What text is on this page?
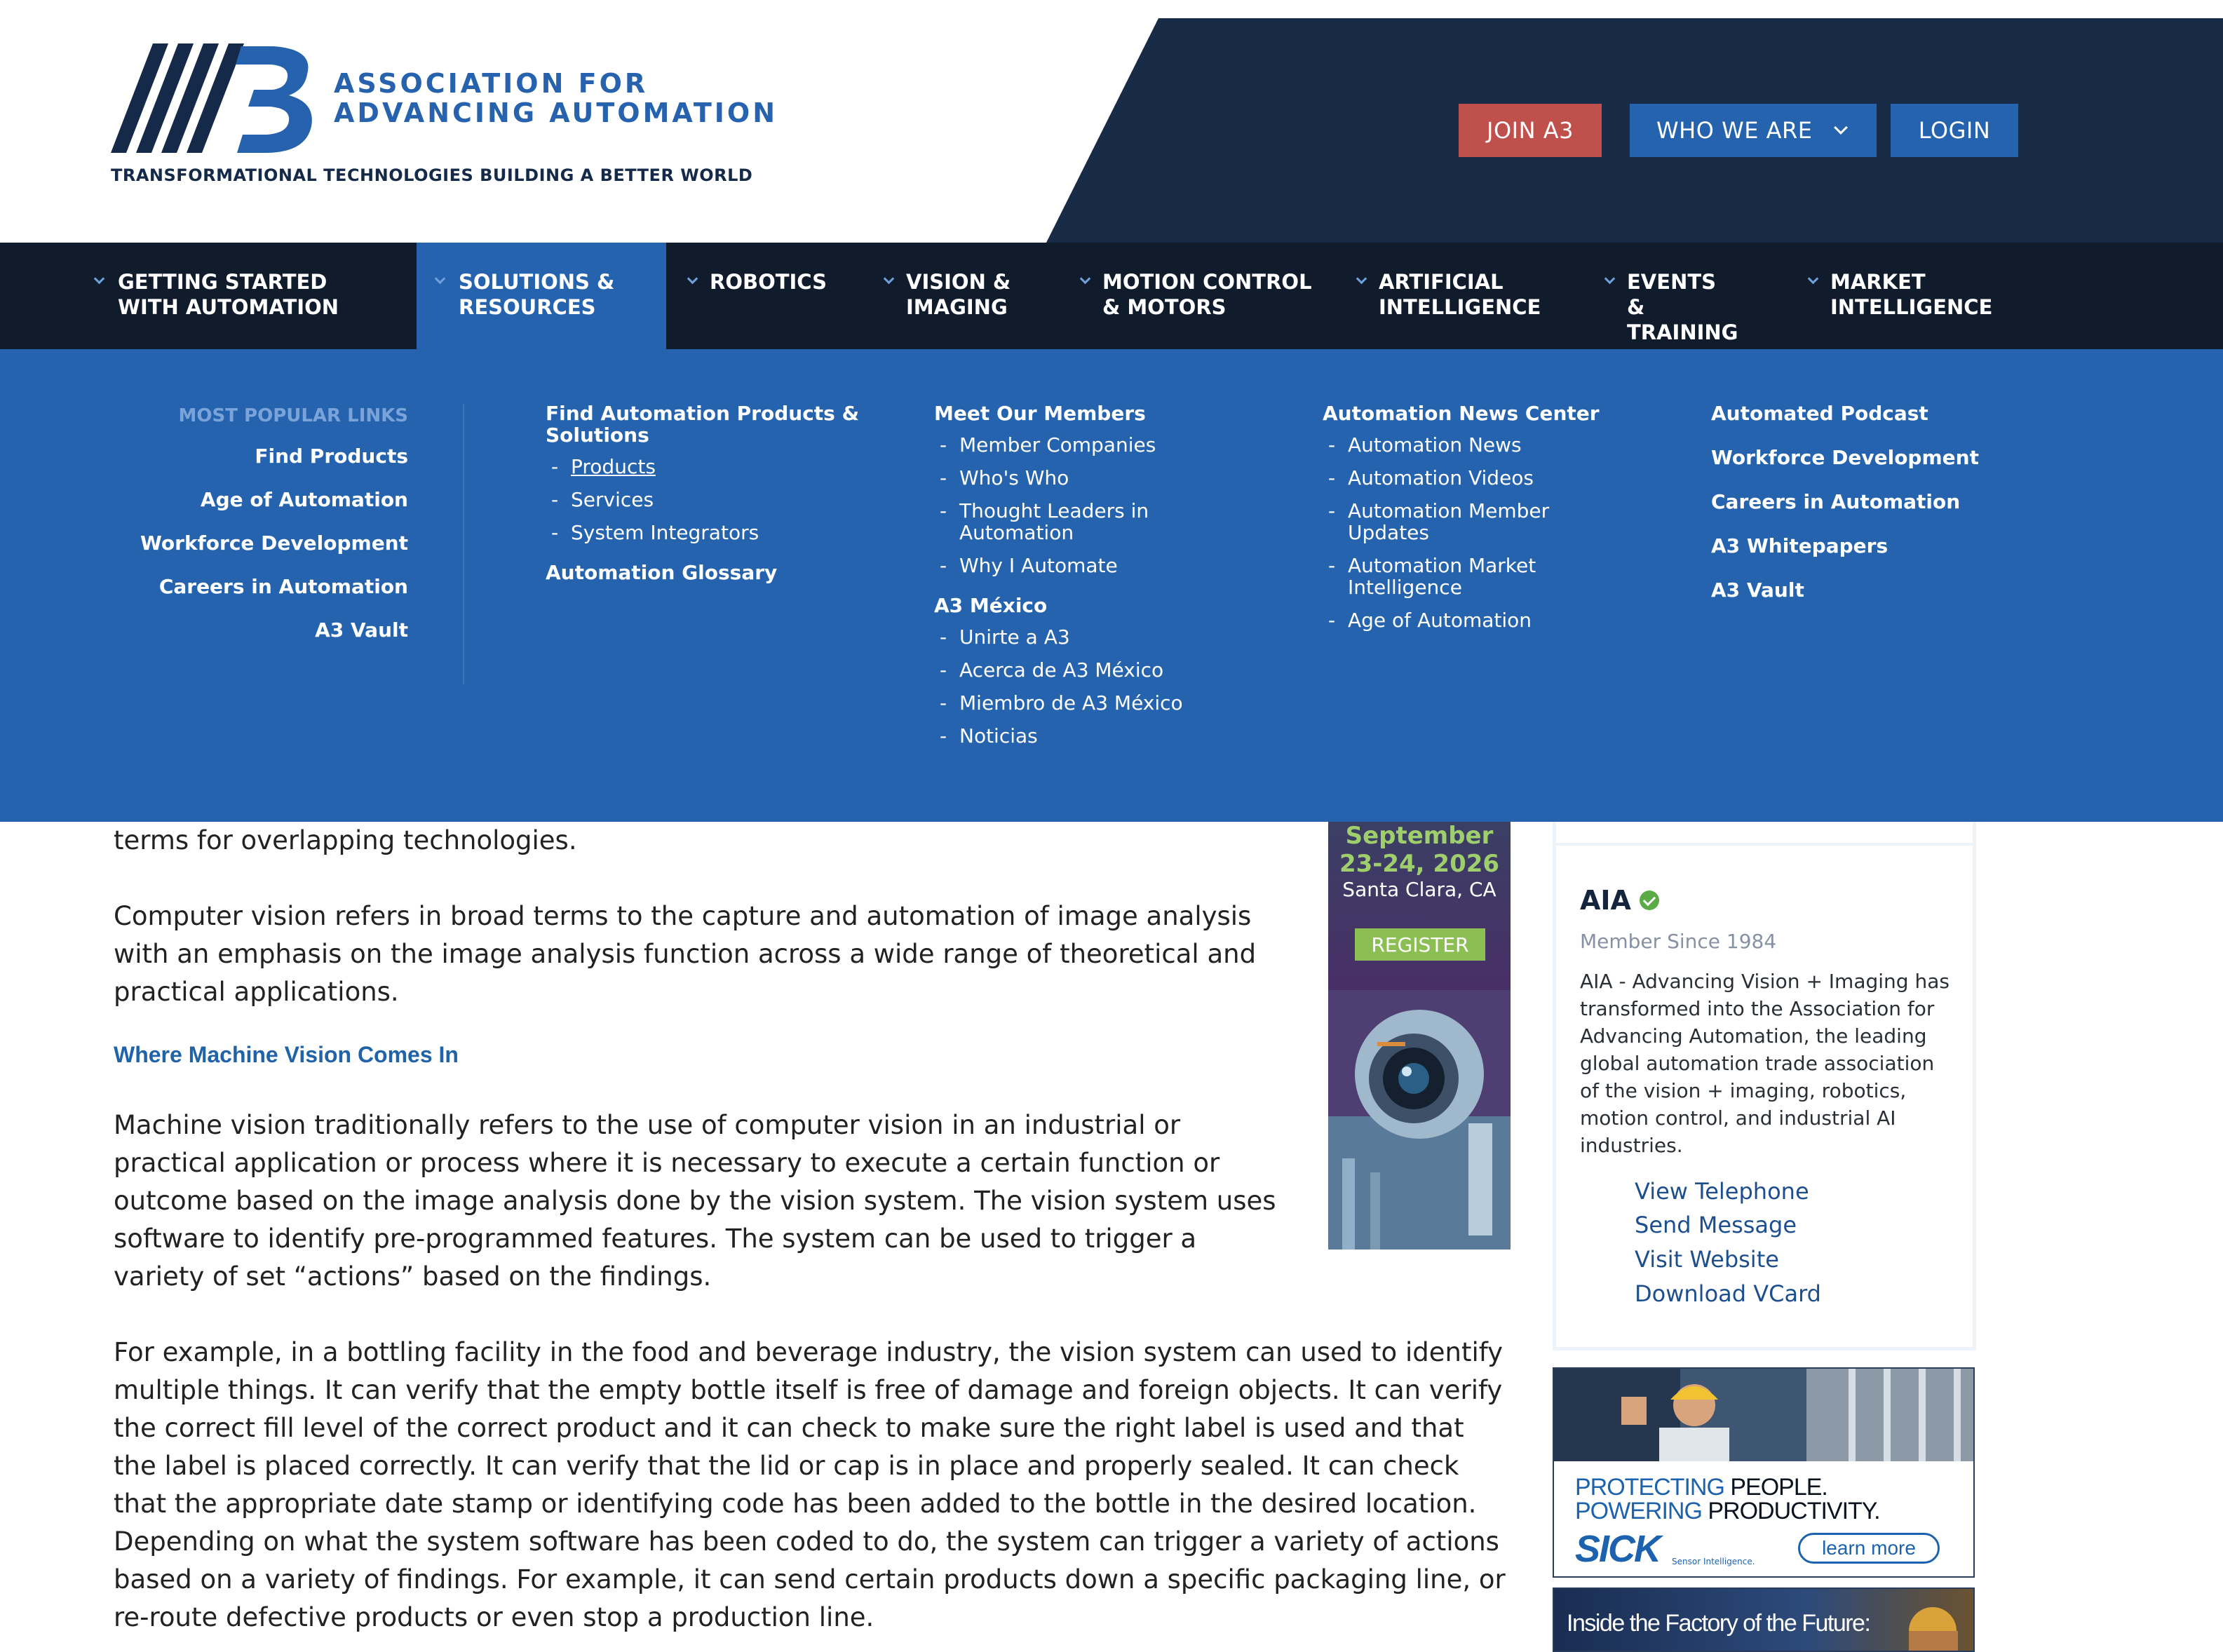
ASSOCIATION FOR
ADVANCING AUTOMATION
TRANSFORMATIONAL TECHNOLOGIES BUILDING A BETTER WORLD
JOIN A3	WHO WE ARE	LOGIN
GETTING STARTED WITH AUTOMATION
SOLUTIONS & RESOURCES
ROBOTICS	VISION & IMAGING
MOTION CONTROL & MOTORS
ARTIFICIAL INTELLIGENCE
EVENTS & TRAINING
MARKET INTELLIGENCE
MOST POPULAR LINKS
Find Products
Age of Automation
Workforce Development
Careers in Automation
A3 Vault
Find Automation Products & Solutions
- Products
- Services
- System Integrators
Automation Glossary
Meet Our Members
- Member Companies
- Who's Who
- Thought Leaders in Automation
- Why I Automate
A3 México
- Unirte a A3
- Acerca de A3 México
- Miembro de A3 México
- Noticias
Automation News Center
- Automation News
- Automation Videos
- Automation Member Updates
- Automation Market Intelligence
- Age of Automation
Automated Podcast
Workforce Development
Careers in Automation
A3 Whitepapers
A3 Vault

terms for overlapping technologies.

Computer vision refers in broad terms to the capture and automation of image analysis with an emphasis on the image analysis function across a wide range of theoretical and practical applications.

Where Machine Vision Comes In

Machine vision traditionally refers to the use of computer vision in an industrial or practical application or process where it is necessary to execute a certain function or outcome based on the image analysis done by the vision system. The vision system uses software to identify pre-programmed features. The system can be used to trigger a variety of set “actions” based on the findings.

For example, in a bottling facility in the food and beverage industry, the vision system can used to identify multiple things. It can verify that the empty bottle itself is free of damage and foreign objects. It can verify the correct fill level of the correct product and it can check to make sure the right label is used and that the label is placed correctly. It can verify that the lid or cap is in place and properly sealed. It can check that the appropriate date stamp or identifying code has been added to the bottle in the desired location. Depending on what the system software has been coded to do, the system can trigger a variety of actions based on a variety of findings. For example, it can send certain products down a specific packaging line, or re-route defective products or even stop a production line.

September
23-24, 2026
Santa Clara, CA
REGISTER
AIA
Member Since 1984
AIA - Advancing Vision + Imaging has transformed into the Association for Advancing Automation, the leading global automation trade association of the vision + imaging, robotics, motion control, and industrial AI industries.
View Telephone
Send Message
Visit Website
Download VCard
PROTECTING PEOPLE.
POWERING PRODUCTIVITY.
SICK Sensor Intelligence.
learn more
Inside the Factory of the Future:
